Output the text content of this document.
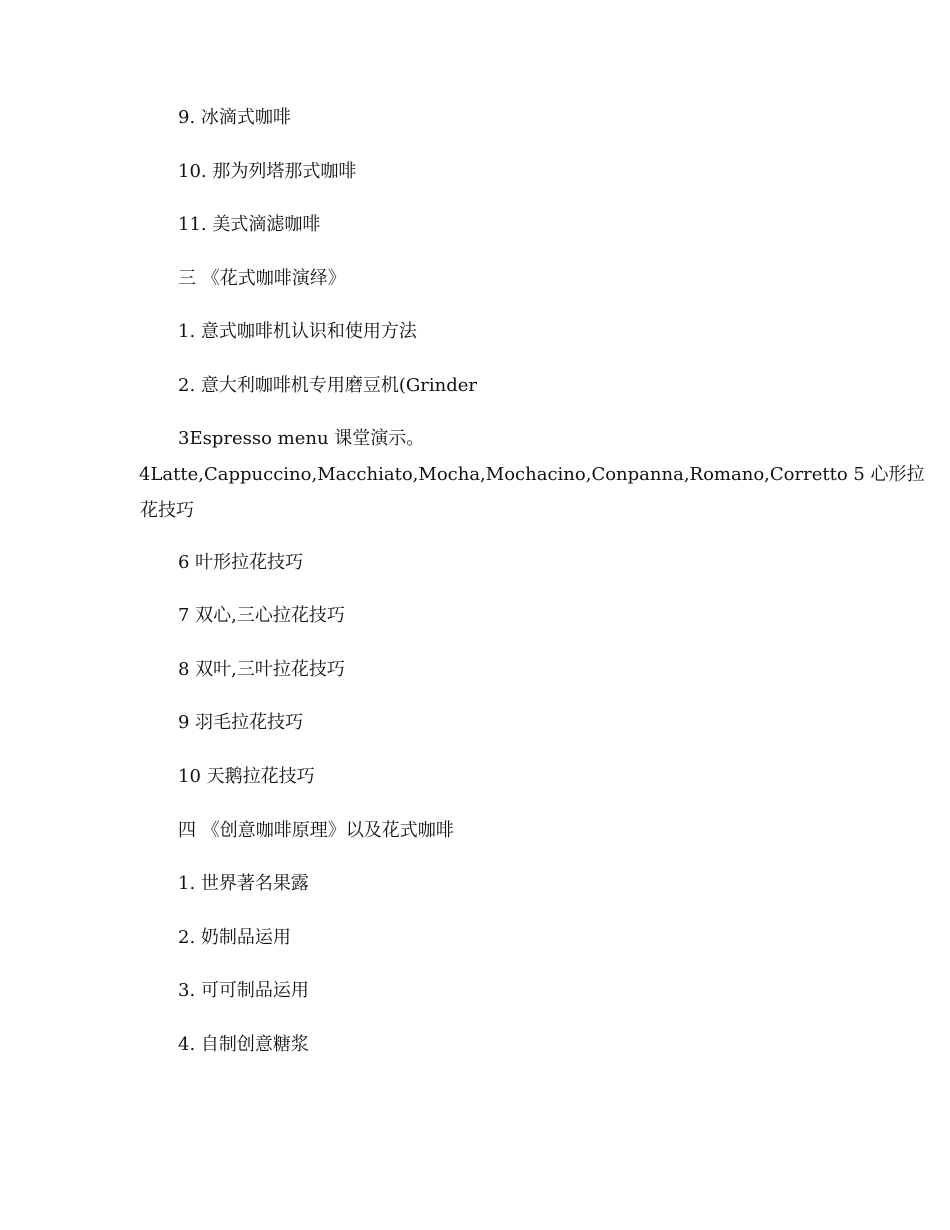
9. 冰滴式咖啡
10. 那为列塔那式咖啡
11. 美式滴滤咖啡
三 《花式咖啡演绎》
1. 意式咖啡机认识和使用方法
2. 意大利咖啡机专用磨豆机(Grinder
3Espresso menu 课堂演示。
4Latte,Cappuccino,Macchiato,Mocha,Mochacino,Conpanna,Romano,Corretto 5 心形拉
花技巧
6 叶形拉花技巧
7 双心,三心拉花技巧
8 双叶,三叶拉花技巧
9 羽毛拉花技巧
10 天鹅拉花技巧
四 《创意咖啡原理》以及花式咖啡
1. 世界著名果露
2. 奶制品运用
3. 可可制品运用
4. 自制创意糖浆
